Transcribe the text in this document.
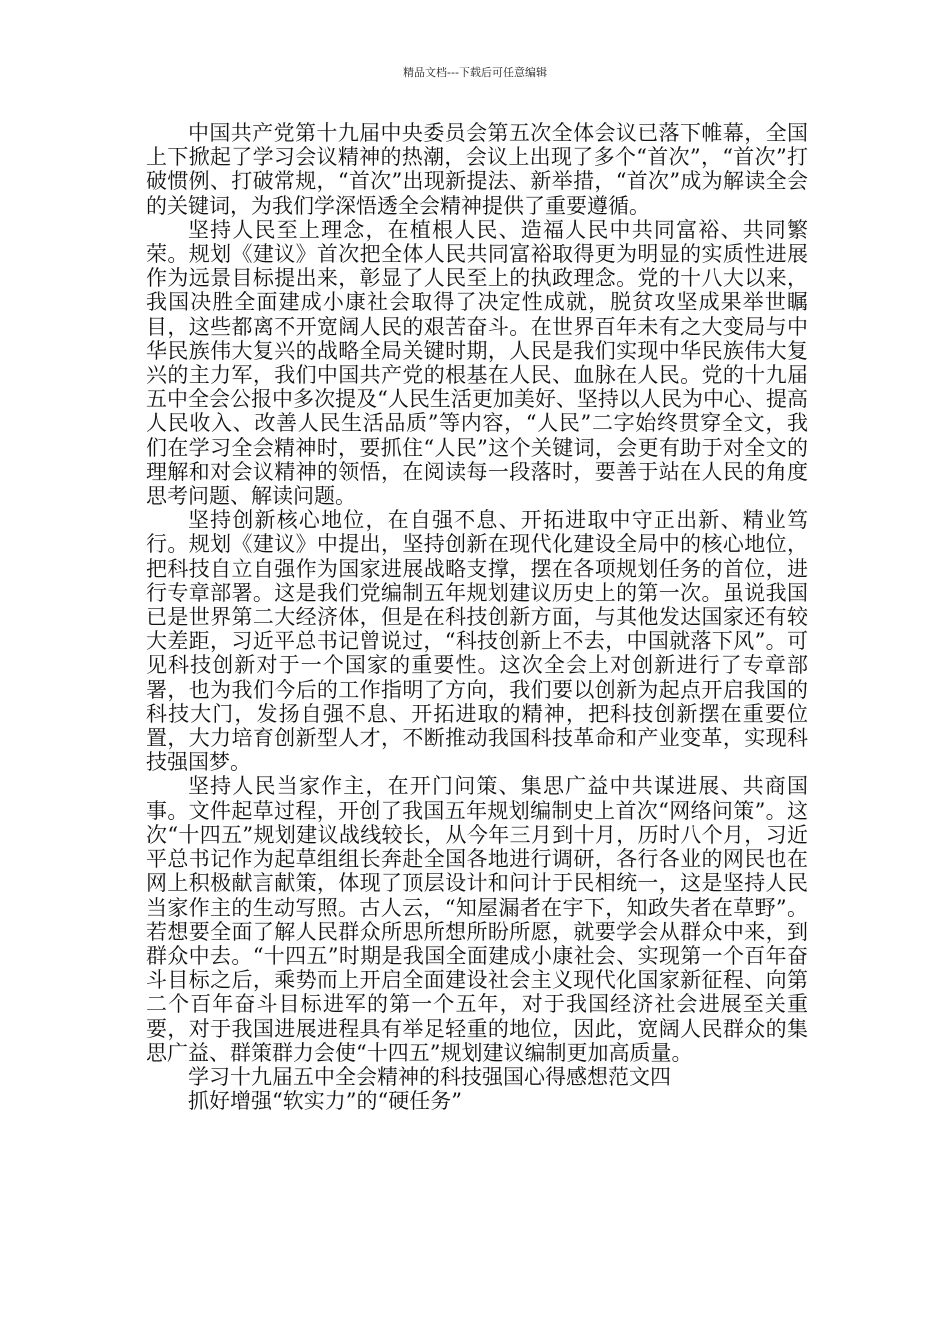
精品文档---下载后可任意编辑

中国共产党第十九届中央委员会第五次全体会议已落下帷幕，全国上下掀起了学习会议精神的热潮，会议上出现了多个“首次”，“首次”打破惯例、打破常规，“首次”出现新提法、新举措，“首次”成为解读全会的关键词，为我们学深悟透全会精神提供了重要遵循。

坚持人民至上理念，在植根人民、造福人民中共同富裕、共同繁荣。规划《建议》首次把全体人民共同富裕取得更为明显的实质性进展作为远景目标提出来，彰显了人民至上的执政理念。党的十八大以来，我国决胜全面建成小康社会取得了决定性成就，脱贫攻坚成果举世瞩目，这些都离不开宽阔人民的艰苦奋斗。在世界百年未有之大变局与中华民族伟大复兴的战略全局关键时期，人民是我们实现中华民族伟大复兴的主力军，我们中国共产党的根基在人民、血脉在人民。党的十九届五中全会公报中多次提及“人民生活更加美好、坚持以人民为中心、提高人民收入、改善人民生活品质”等内容，“人民”二字始终贯穿全文，我们在学习全会精神时，要抓住“人民”这个关键词，会更有助于对全文的理解和对会议精神的领悟，在阅读每一段落时，要善于站在人民的角度思考问题、解读问题。

坚持创新核心地位，在自强不息、开拓进取中守正出新、精业笃行。规划《建议》中提出，坚持创新在现代化建设全局中的核心地位，把科技自立自强作为国家进展战略支撑，摆在各项规划任务的首位，进行专章部署。这是我们党编制五年规划建议历史上的第一次。虽说我国已是世界第二大经济体，但是在科技创新方面，与其他发达国家还有较大差距，习近平总书记曾说过，“科技创新上不去，中国就落下风”。可见科技创新对于一个国家的重要性。这次全会上对创新进行了专章部署，也为我们今后的工作指明了方向，我们要以创新为起点开启我国的科技大门，发扬自强不息、开拓进取的精神，把科技创新摆在重要位置，大力培育创新型人才，不断推动我国科技革命和产业变革，实现科技强国梦。

坚持人民当家作主，在开门问策、集思广益中共谋进展、共商国事。文件起草过程，开创了我国五年规划编制史上首次“网络问策”。这次“十四五”规划建议战线较长，从今年三月到十月，历时八个月，习近平总书记作为起草组组长奔赴全国各地进行调研，各行各业的网民也在网上积极献言献策，体现了顶层设计和问计于民相统一，这是坚持人民当家作主的生动写照。古人云，“知屋漏者在宇下，知政失者在草野”。若想要全面了解人民群众所思所想所盼所愿，就要学会从群众中来，到群众中去。“十四五”时期是我国全面建成小康社会、实现第一个百年奋斗目标之后，乘势而上开启全面建设社会主义现代化国家新征程、向第二个百年奋斗目标进军的第一个五年，对于我国经济社会进展至关重要，对于我国进展进程具有举足轻重的地位，因此，宽阔人民群众的集思广益、群策群力会使“十四五”规划建议编制更加高质量。

学习十九届五中全会精神的科技强国心得感想范文四

抓好增强“软实力”的“硬任务”
